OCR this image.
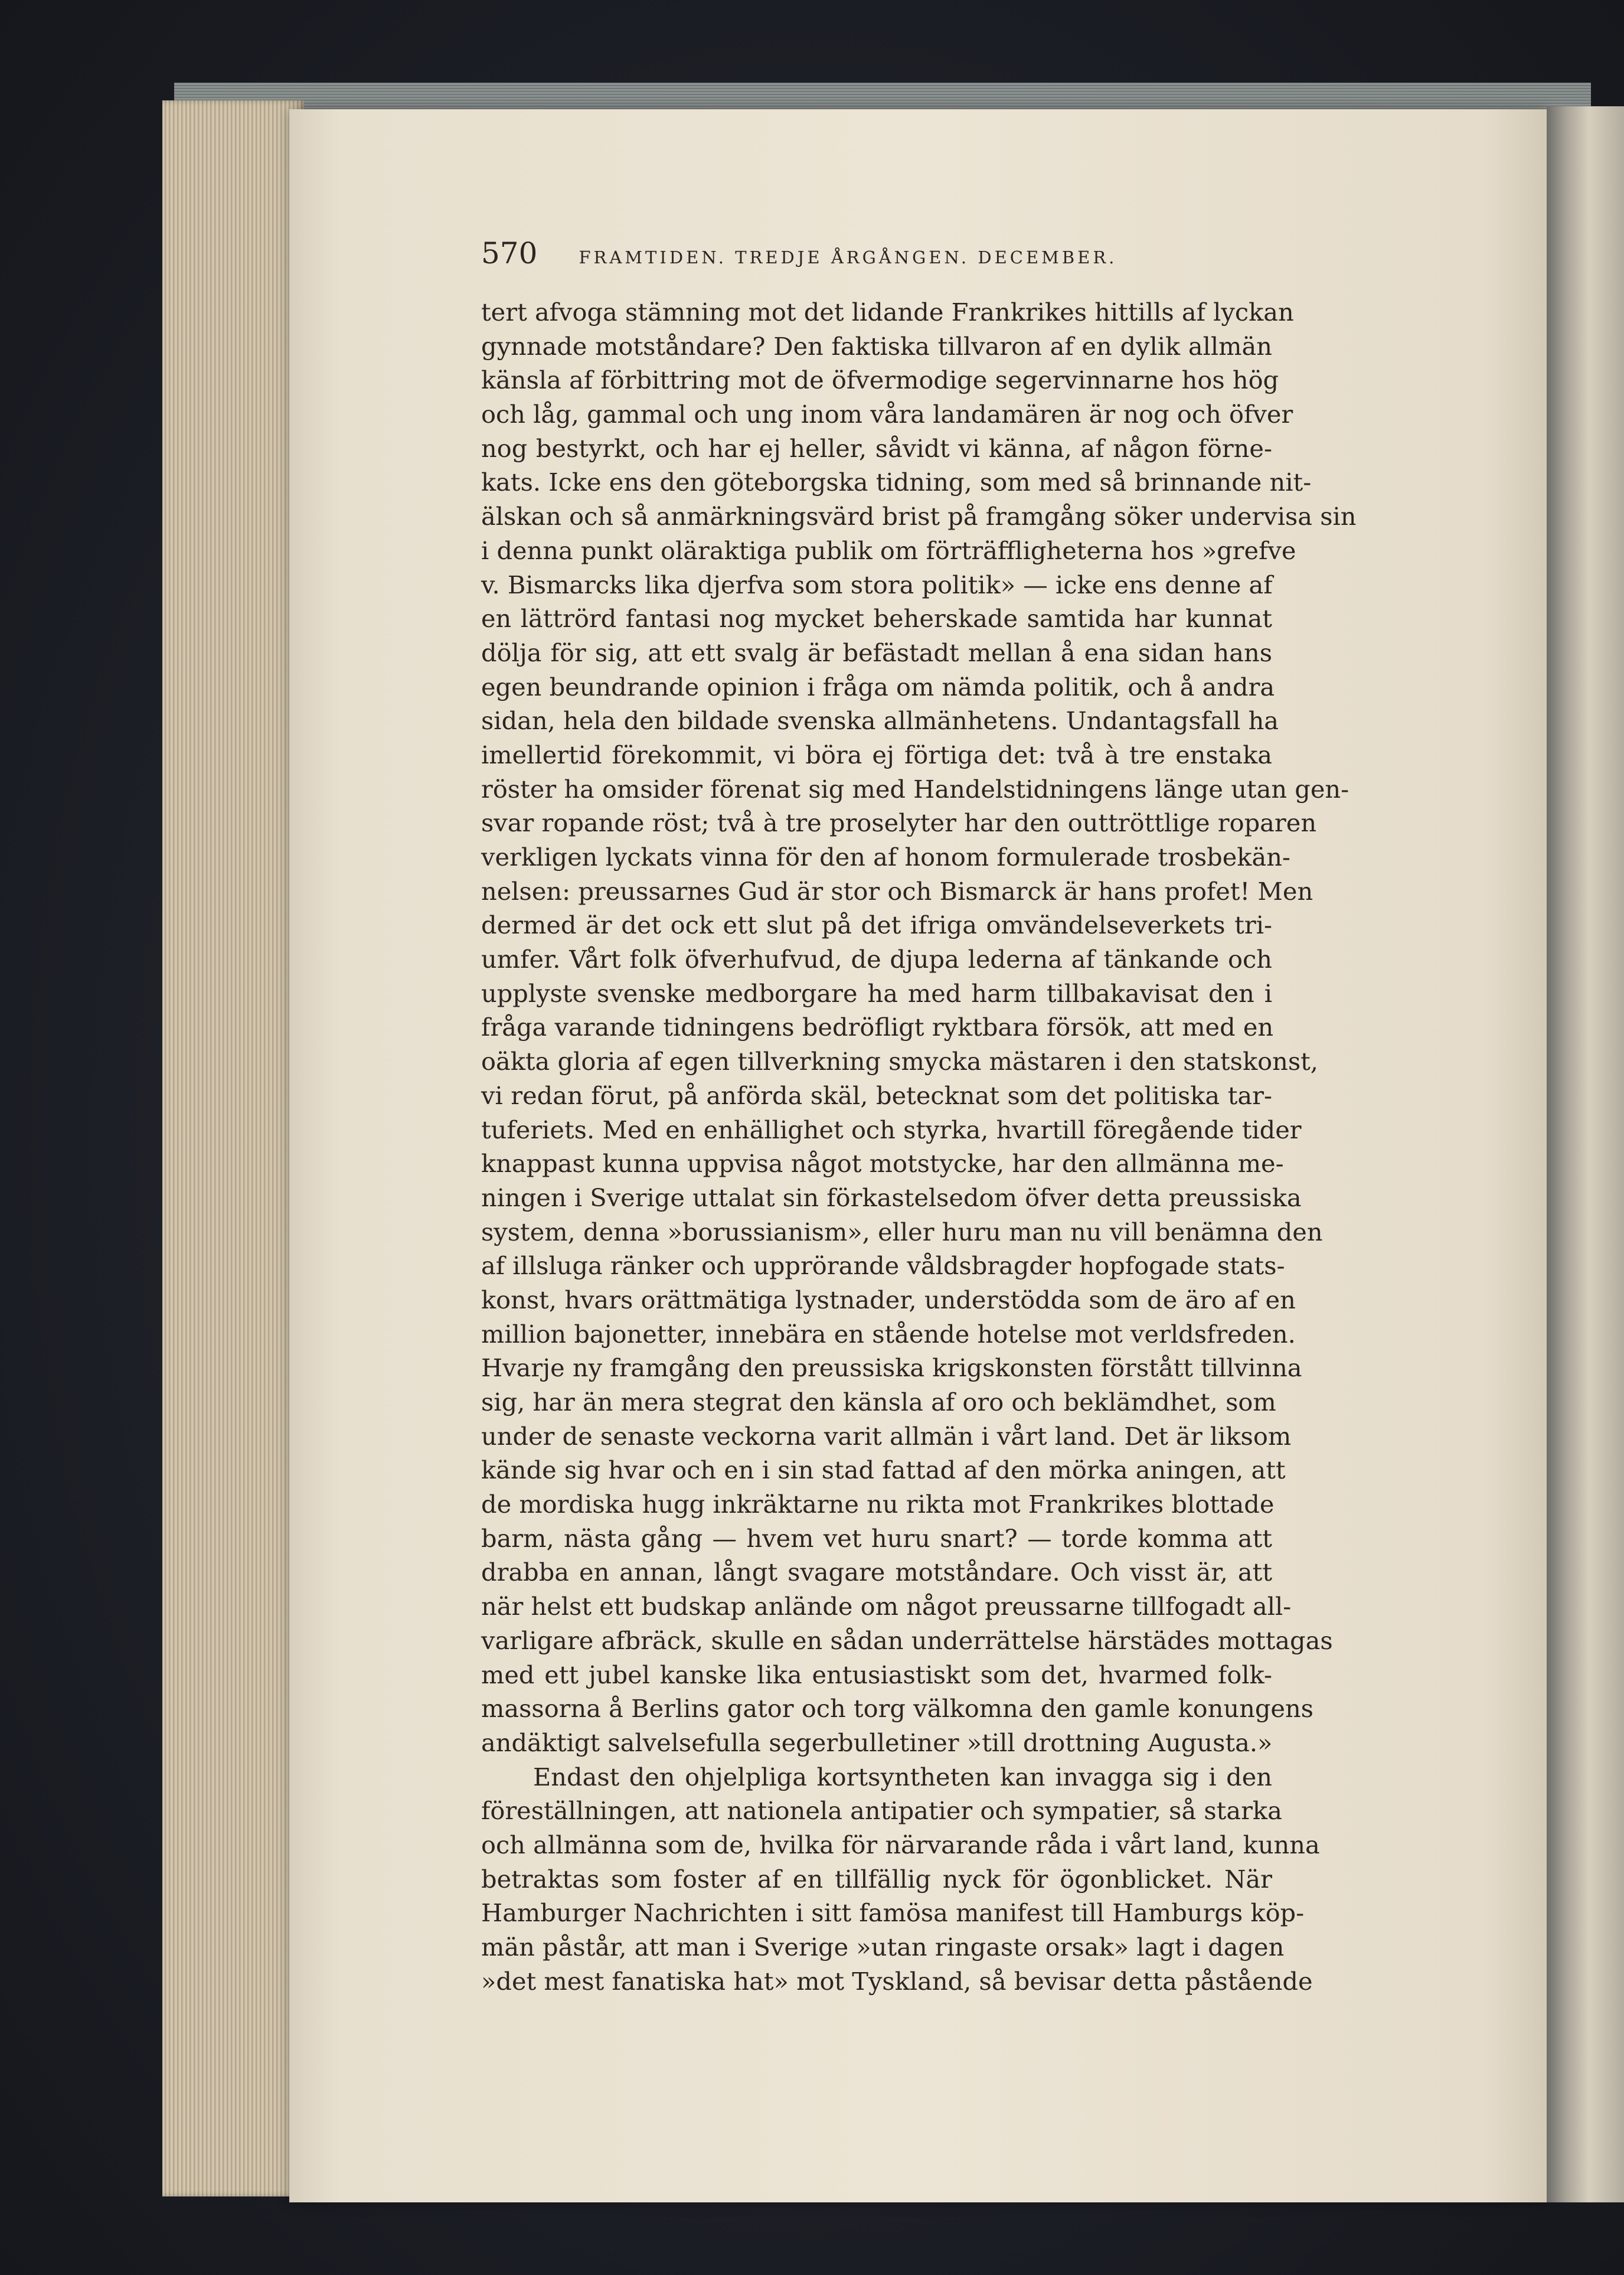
570 FRAMTIDEN. TREDJE ÅRGÅNGEN. DECEMBER.
tert afvoga stämning mot det lidande Frankrikes hittills af lyckan
gynnade motståndare? Den faktiska tillvaron af en dylik allmän
känsla af förbittring mot de öfvermodige segervinnarne hos hög
och låg, gammal och ung inom våra landamären är nog och öfver
nog bestyrkt, och har ej heller, såvidt vi känna, af någon förne-
kats. Icke ens den göteborgska tidning, som med så brinnande nit-
älskan och så anmärkningsvärd brist på framgång söker undervisa sin
i denna punkt oläraktiga publik om förträffligheterna hos »grefve
v. Bismarcks lika djerfva som stora politik» — icke ens denne af
en lättrörd fantasi nog mycket beherskade samtida har kunnat
dölja för sig, att ett svalg är befästadt mellan å ena sidan hans
egen beundrande opinion i fråga om nämda politik, och å andra
sidan, hela den bildade svenska allmänhetens. Undantagsfall ha
imellertid förekommit, vi böra ej förtiga det: två à tre enstaka
röster ha omsider förenat sig med Handelstidningens länge utan gen-
svar ropande röst; två à tre proselyter har den outtröttlige roparen
verkligen lyckats vinna för den af honom formulerade trosbekän-
nelsen: preussarnes Gud är stor och Bismarck är hans profet! Men
dermed är det ock ett slut på det ifriga omvändelseverkets tri-
umfer. Vårt folk öfverhufvud, de djupa lederna af tänkande och
upplyste svenske medborgare ha med harm tillbakavisat den i
fråga varande tidningens bedröfligt ryktbara försök, att med en
oäkta gloria af egen tillverkning smycka mästaren i den statskonst,
vi redan förut, på anförda skäl, betecknat som det politiska tar-
tuferiets. Med en enhällighet och styrka, hvartill föregående tider
knappast kunna uppvisa något motstycke, har den allmänna me-
ningen i Sverige uttalat sin förkastelsedom öfver detta preussiska
system, denna »borussianism», eller huru man nu vill benämna den
af illsluga ränker och upprörande våldsbragder hopfogade stats-
konst, hvars orättmätiga lystnader, understödda som de äro af en
million bajonetter, innebära en stående hotelse mot verldsfreden.
Hvarje ny framgång den preussiska krigskonsten förstått tillvinna
sig, har än mera stegrat den känsla af oro och beklämdhet, som
under de senaste veckorna varit allmän i vårt land. Det är liksom
kände sig hvar och en i sin stad fattad af den mörka aningen, att
de mordiska hugg inkräktarne nu rikta mot Frankrikes blottade
barm, nästa gång — hvem vet huru snart? — torde komma att
drabba en annan, långt svagare motståndare. Och visst är, att
när helst ett budskap anlände om något preussarne tillfogadt all-
varligare afbräck, skulle en sådan underrättelse härstädes mottagas
med ett jubel kanske lika entusiastiskt som det, hvarmed folk-
massorna å Berlins gator och torg välkomna den gamle konungens
andäktigt salvelsefulla segerbulletiner »till drottning Augusta.»
Endast den ohjelpliga kortsyntheten kan invagga sig i den
föreställningen, att nationela antipatier och sympatier, så starka
och allmänna som de, hvilka för närvarande råda i vårt land, kunna
betraktas som foster af en tillfällig nyck för ögonblicket. När
Hamburger Nachrichten i sitt famösa manifest till Hamburgs köp-
män påstår, att man i Sverige »utan ringaste orsak» lagt i dagen
»det mest fanatiska hat» mot Tyskland, så bevisar detta påstående
